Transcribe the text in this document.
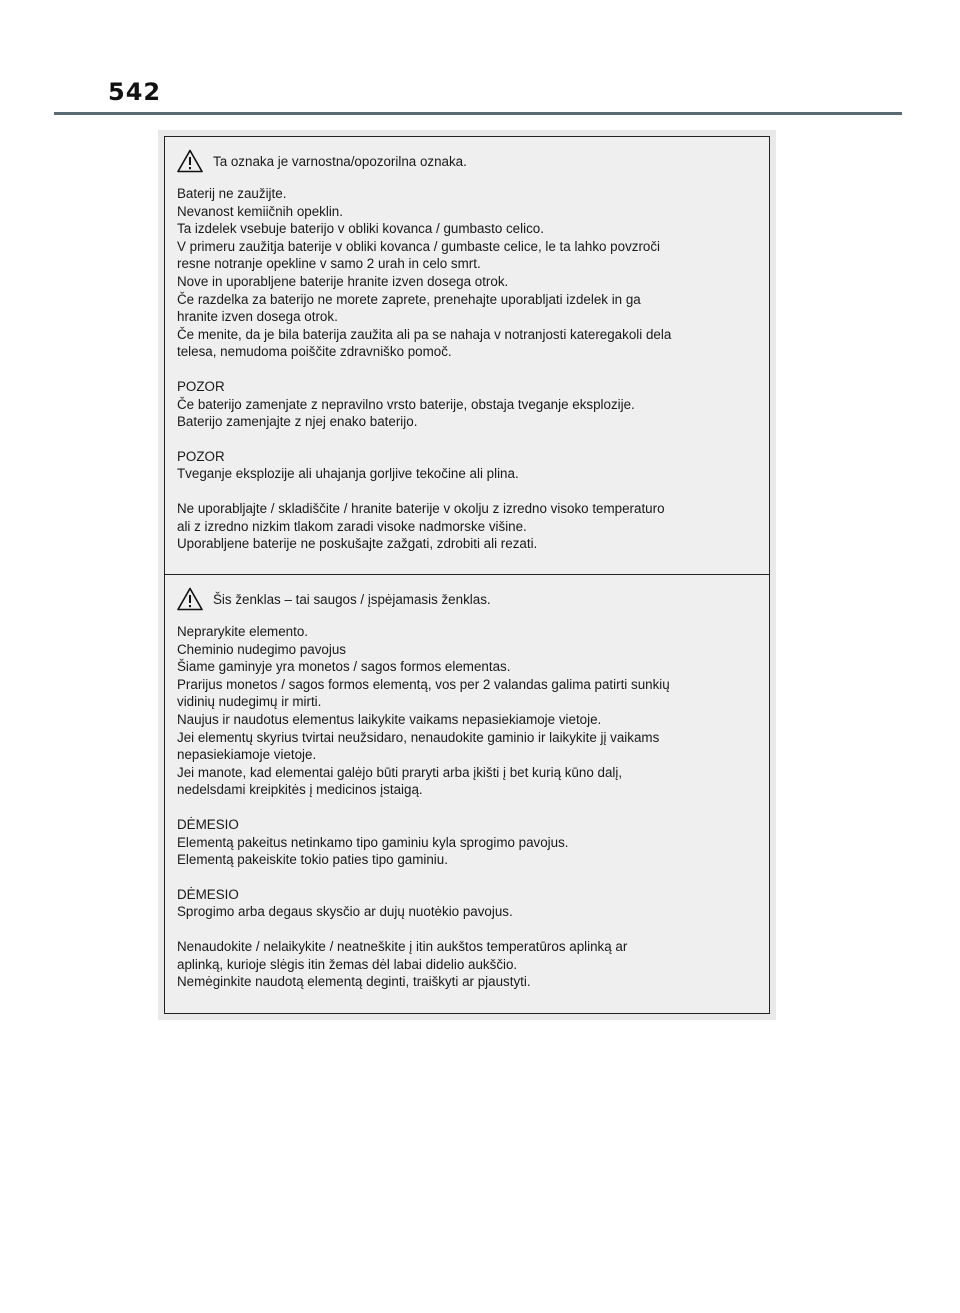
542
Ta oznaka je varnostna/opozorilna oznaka.
Baterij ne zaužijte.
Nevanost kemiičnih opeklin.
Ta izdelek vsebuje baterijo v obliki kovanca / gumbasto celico.
V primeru zaužitja baterije v obliki kovanca / gumbaste celice, le ta lahko povzroči
resne notranje opekline v samo 2 urah in celo smrt.
Nove in uporabljene baterije hranite izven dosega otrok.
Če razdelka za baterijo ne morete zaprete, prenehajte uporabljati izdelek in ga
hranite izven dosega otrok.
Če menite, da je bila baterija zaužita ali pa se nahaja v notranjosti kateregakoli dela
telesa, nemudoma poiščite zdravniško pomoč.
POZOR
Če baterijo zamenjate z nepravilno vrsto baterije, obstaja tveganje eksplozije.
Baterijo zamenjajte z njej enako baterijo.
POZOR
Tveganje eksplozije ali uhajanja gorljive tekočine ali plina.
Ne uporabljajte / skladiščite / hranite baterije v okolju z izredno visoko temperaturo
ali z izredno nizkim tlakom zaradi visoke nadmorske višine.
Uporabljene baterije ne poskušajte zažgati, zdrobiti ali rezati.
Šis ženklas – tai saugos / įspėjamasis ženklas.
Neprarykite elemento.
Cheminio nudegimo pavojus
Šiame gaminyje yra monetos / sagos formos elementas.
Prarijus monetos / sagos formos elementą, vos per 2 valandas galima patirti sunkių
vidinių nudegimų ir mirti.
Naujus ir naudotus elementus laikykite vaikams nepasiekiamoje vietoje.
Jei elementų skyrius tvirtai neužsidaro, nenaudokite gaminio ir laikykite jį vaikams
nepasiekiamoje vietoje.
Jei manote, kad elementai galėjo būti praryti arba įkišti į bet kurią kūno dalį,
nedelsdami kreipkitės į medicinos įstaigą.
DĖMESIO
Elementą pakeitus netinkamo tipo gaminiu kyla sprogimo pavojus.
Elementą pakeiskite tokio paties tipo gaminiu.
DĖMESIO
Sprogimo arba degaus skysčio ar dujų nuotėkio pavojus.
Nenaudokite / nelaikykite / neatneškite į itin aukštos temperatūros aplinką ar
aplinką, kurioje slėgis itin žemas dėl labai didelio aukščio.
Nemėginkite naudotą elementą deginti, traiškyti ar pjaustyti.
